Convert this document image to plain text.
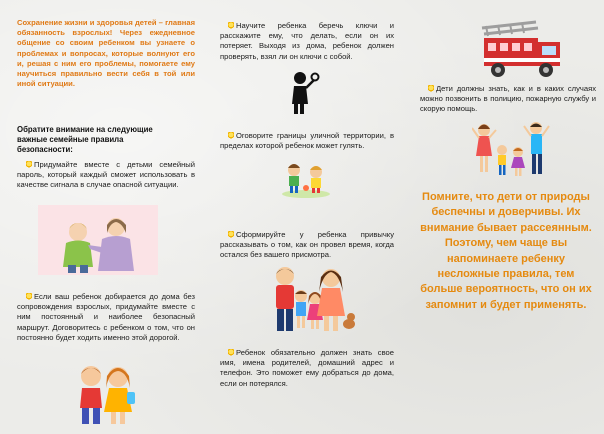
Сохранение жизни и здоровья детей – главная обязанность взрослых! Через ежедневное общение со своим ребенком вы узнаете о проблемах и вопросах, которые волнуют его и, решая с ним его проблемы, помогаете ему научиться правильно вести себя в той или иной ситуации.
Обратите внимание на следующие важные семейные правила безопасности:
Придумайте вместе с детьми семейный пароль, который каждый сможет использовать в качестве сигнала в случае опасной ситуации.
Если ваш ребенок добирается до дома без сопровождения взрослых, придумайте вместе с ним постоянный и наиболее безопасный маршрут. Договоритесь с ребенком о том, что он постоянно будет ходить именно этой дорогой.
Научите ребенка беречь ключи и расскажите ему, что делать, если он их потеряет. Выходя из дома, ребенок должен проверять, взял ли он ключи с собой.
Оговорите границы уличной территории, в пределах которой ребенок может гулять.
Сформируйте у ребенка привычку рассказывать о том, как он провел время, когда остался без вашего присмотра.
Ребенок обязательно должен знать свое имя, имена родителей, домашний адрес и телефон. Это поможет ему добраться до дома, если он потерялся.
Дети должны знать, как и в каких случаях можно позвонить в полицию, пожарную службу и скорую помощь.
Помните, что дети от природы беспечны и доверчивы. Их внимание бывает рассеянным. Поэтому, чем чаще вы напоминаете ребенку несложные правила, тем больше вероятность, что он их запомнит и будет применять.
